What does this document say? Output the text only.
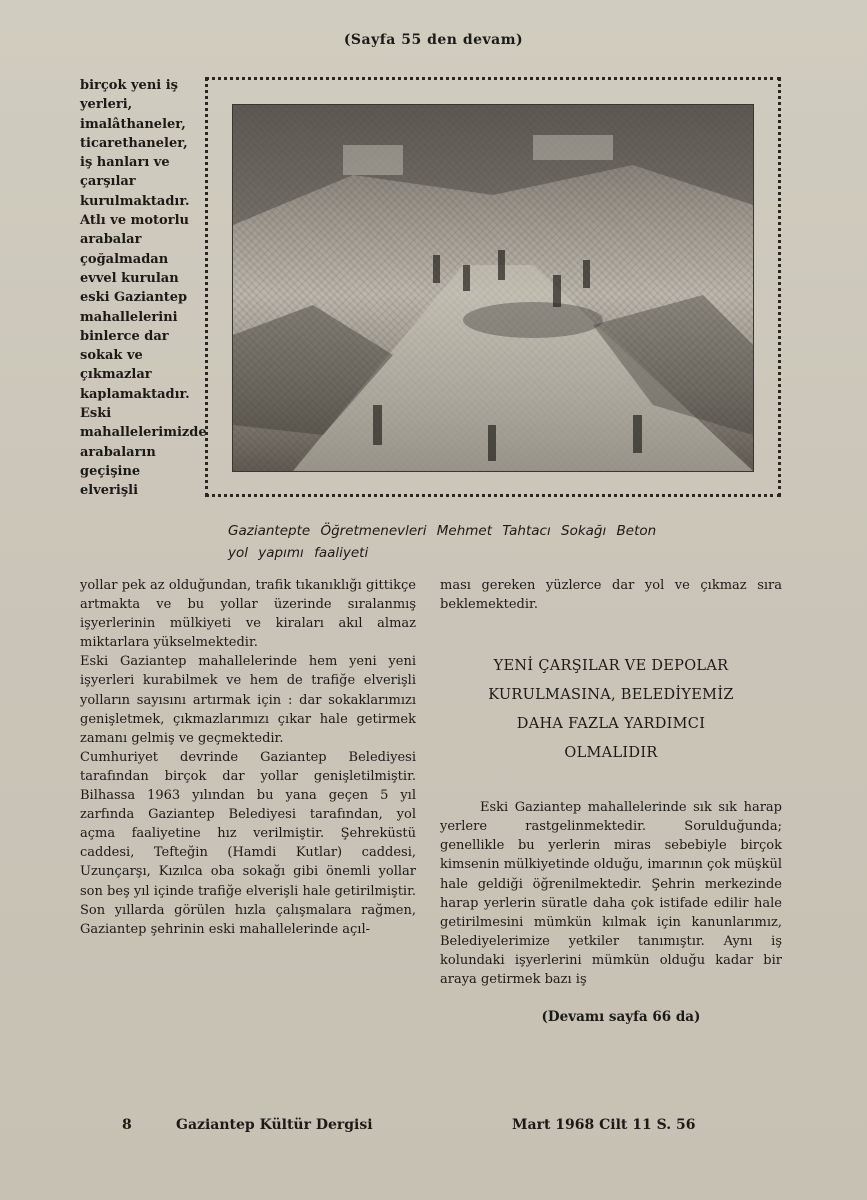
(Sayfa 55 den devam)

birçok yeni iş yerleri, imalâthaneler, ticarethaneler, iş hanları ve çarşılar kurulmaktadır.
Atlı ve motorlu arabalar çoğalmadan evvel kurulan eski Gaziantep mahallelerini binlerce dar sokak ve çıkmazlar kaplamaktadır. Eski mahallelerimizde arabaların geçişine elverişli

Gaziantepte Öğretmenevleri Mehmet Tahtacı Sokağı Beton
yol yapımı faaliyeti

yollar pek az olduğundan, trafik tıkanıklığı gittikçe artmakta ve bu yollar üzerinde sıralanmış işyerlerinin mülkiyeti ve kiraları akıl almaz miktarlara yükselmektedir.
Eski Gaziantep mahallelerinde hem yeni yeni işyerleri kurabilmek ve hem de trafiğe elverişli yolların sayısını artırmak için : dar sokaklarımızı genişletmek, çıkmazlarımızı çıkar hale getirmek zamanı gelmiş ve geçmektedir.
Cumhuriyet devrinde Gaziantep Belediyesi tarafından birçok dar yollar genişletilmiştir. Bilhassa 1963 yılından bu yana geçen 5 yıl zarfında Gaziantep Belediyesi tarafından, yol açma faaliyetine hız verilmiştir. Şehreküstü caddesi, Tefteğin (Hamdi Kutlar) caddesi, Uzunçarşı, Kızılca oba sokağı gibi önemli yollar son beş yıl içinde trafiğe elverişli hale getirilmiştir. Son yıllarda görülen hızla çalışmalara rağmen, Gaziantep şehrinin eski mahallelerinde açıl-

ması gereken yüzlerce dar yol ve çıkmaz sıra beklemektedir.

YENİ ÇARŞILAR VE DEPOLAR
KURULMASINA, BELEDİYEMİZ
DAHA FAZLA YARDIMCI
OLMALIDIR

Eski Gaziantep mahallelerinde sık sık harap yerlere rastgelinmektedir. Sorulduğunda; genellikle bu yerlerin miras sebebiyle birçok kimsenin mülkiyetinde olduğu, imarının çok müşkül hale geldiği öğrenilmektedir. Şehrin merkezinde harap yerlerin süratle daha çok istifade edilir hale getirilmesini mümkün kılmak için kanunlarımız, Belediyelerimize yetkiler tanımıştır. Aynı iş kolundaki işyerlerini mümkün olduğu kadar bir araya getirmek bazı iş

(Devamı sayfa 66 da)
8	Gaziantep Kültür Dergisi	Mart 1968 Cilt 11 S. 56
